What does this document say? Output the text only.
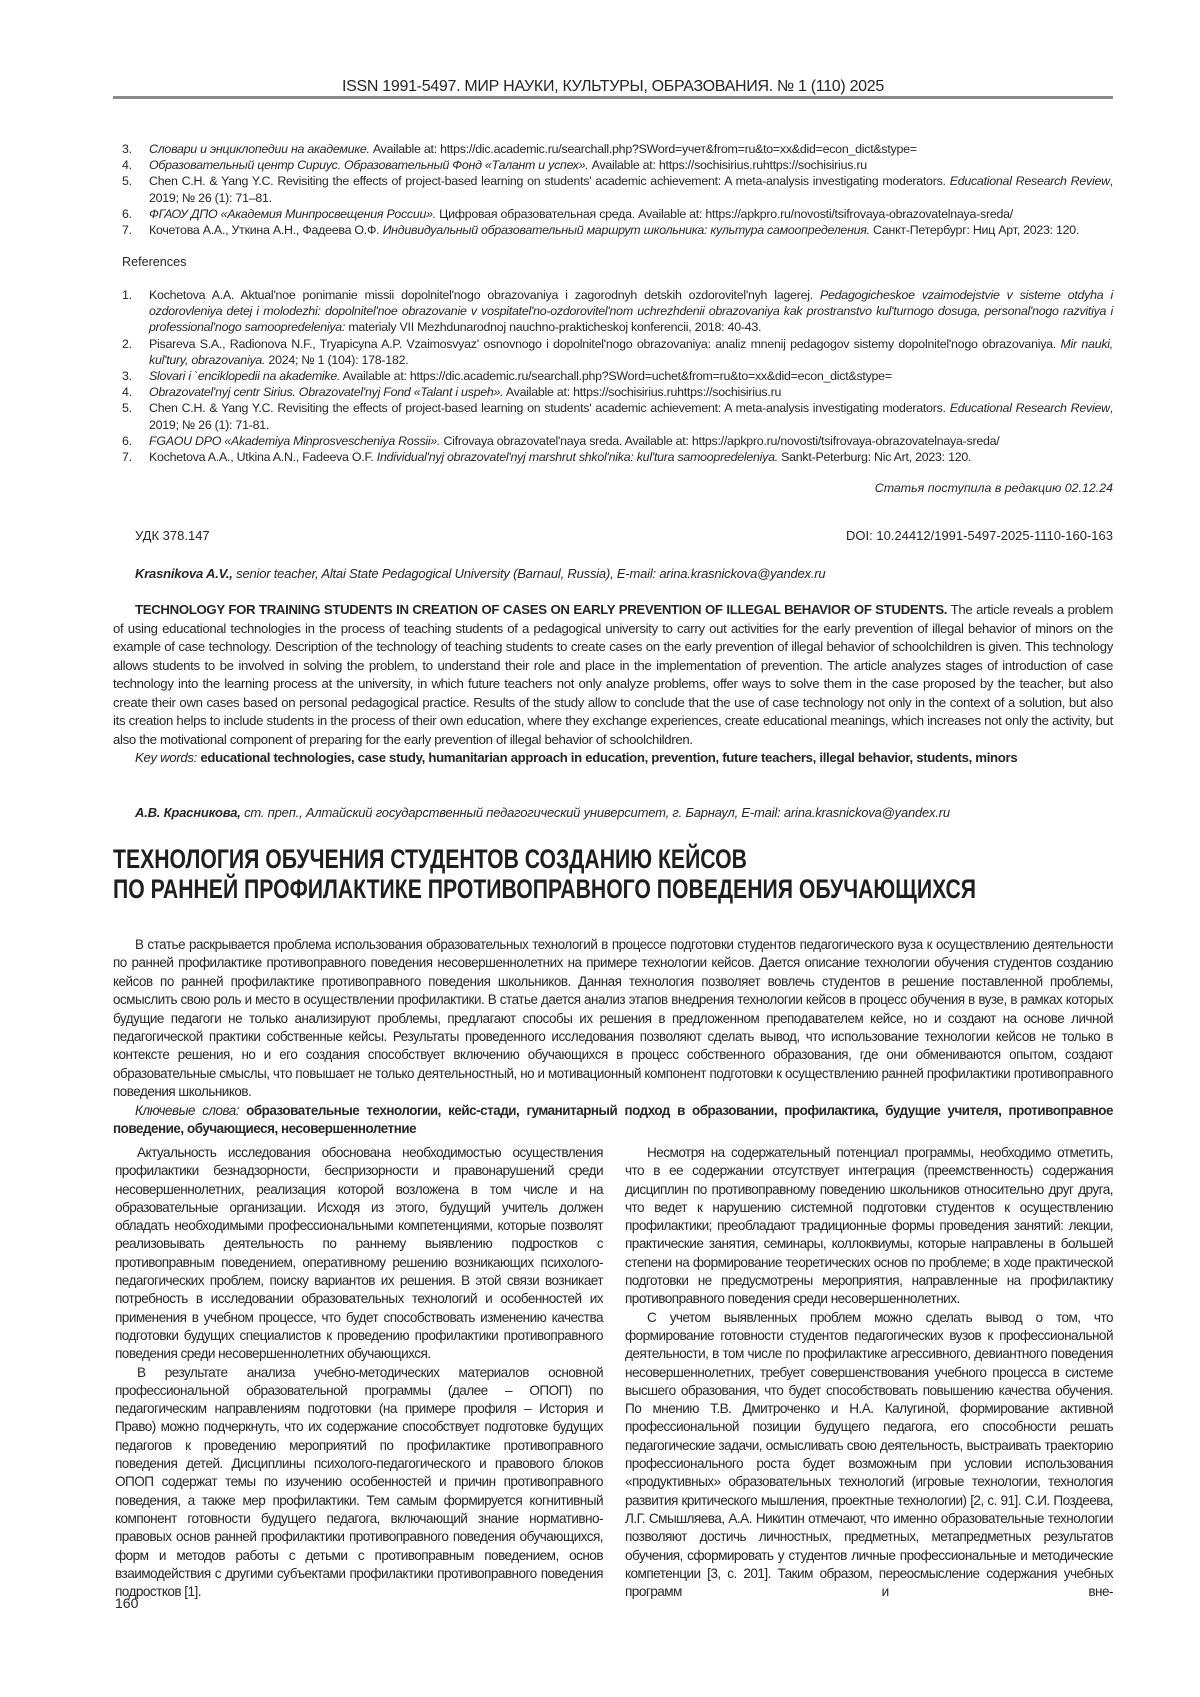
ISSN 1991-5497. МИР НАУКИ, КУЛЬТУРЫ, ОБРАЗОВАНИЯ. № 1 (110) 2025
3.	Словари и энциклопедии на академике. Available at: https://dic.academic.ru/searchall.php?SWord=учет&from=ru&to=xx&did=econ_dict&stype=
4.	Образовательный центр Сириус. Образовательный Фонд «Талант и успех». Available at: https://sochisirius.ruhttps://sochisirius.ru
5.	Chen C.H. & Yang Y.C. Revisiting the effects of project-based learning on students' academic achievement: A meta-analysis investigating moderators. Educational Research Review, 2019; № 26 (1): 71–81.
6.	ФГАОУ ДПО «Академия Минпросвещения России». Цифровая образовательная среда. Available at: https://apkpro.ru/novosti/tsifrovaya-obrazovatelnaya-sreda/
7.	Кочетова А.А., Уткина А.Н., Фадеева О.Ф. Индивидуальный образовательный маршрут школьника: культура самоопределения. Санкт-Петербург: Ниц Арт, 2023: 120.
References
1.	Kochetova A.A. Aktual'noe ponimanie missii dopolnitel'nogo obrazovaniya i zagorodnyh detskih ozdorovitel'nyh lagerej. Pedagogicheskoe vzaimodejstvie v sisteme otdyha i ozdorovleniya detej i molodezhi: dopolnitel'noe obrazovanie v vospitatel'no-ozdorovitel'nom uchrezhdenii obrazovaniya kak prostranstvo kul'turnogo dosuga, personal'nogo razvitiya i professional'nogo samoopredeleniya: materialy VII Mezhdunarodnoj nauchno-prakticheskoj konferencii, 2018: 40-43.
2.	Pisareva S.A., Radionova N.F., Tryapicyna A.P. Vzaimosvyaz' osnovnogo i dopolnitel'nogo obrazovaniya: analiz mnenij pedagogov sistemy dopolnitel'nogo obrazovaniya. Mir nauki, kul'tury, obrazovaniya. 2024; № 1 (104): 178-182.
3.	Slovari i `enciklopedii na akademike. Available at: https://dic.academic.ru/searchall.php?SWord=uchet&from=ru&to=xx&did=econ_dict&stype=
4.	Obrazovatel'nyj centr Sirius. Obrazovatel'nyj Fond «Talant i uspeh». Available at: https://sochisirius.ruhttps://sochisirius.ru
5.	Chen C.H. & Yang Y.C. Revisiting the effects of project-based learning on students' academic achievement: A meta-analysis investigating moderators. Educational Research Review, 2019; № 26 (1): 71-81.
6.	FGAOU DPO «Akademiya Minprosvescheniya Rossii». Cifrovaya obrazovatel'naya sreda. Available at: https://apkpro.ru/novosti/tsifrovaya-obrazovatelnaya-sreda/
7.	Kochetova A.A., Utkina A.N., Fadeeva O.F. Individual'nyj obrazovatel'nyj marshrut shkol'nika: kul'tura samoopredeleniya. Sankt-Peterburg: Nic Art, 2023: 120.
Статья поступила в редакцию 02.12.24
УДК 378.147	DOI: 10.24412/1991-5497-2025-1110-160-163
Krasnikova A.V., senior teacher, Altai State Pedagogical University (Barnaul, Russia), E-mail: arina.krasnickova@yandex.ru

TECHNOLOGY FOR TRAINING STUDENTS IN CREATION OF CASES ON EARLY PREVENTION OF ILLEGAL BEHAVIOR OF STUDENTS. The article reveals a problem of using educational technologies in the process of teaching students of a pedagogical university to carry out activities for the early prevention of illegal behavior of minors on the example of case technology. Description of the technology of teaching students to create cases on the early prevention of illegal behavior of schoolchildren is given. This technology allows students to be involved in solving the problem, to understand their role and place in the implementation of prevention. The article analyzes stages of introduction of case technology into the learning process at the university, in which future teachers not only analyze problems, offer ways to solve them in the case proposed by the teacher, but also create their own cases based on personal pedagogical practice. Results of the study allow to conclude that the use of case technology not only in the context of a solution, but also its creation helps to include students in the process of their own education, where they exchange experiences, create educational meanings, which increases not only the activity, but also the motivational component of preparing for the early prevention of illegal behavior of schoolchildren.

Key words: educational technologies, case study, humanitarian approach in education, prevention, future teachers, illegal behavior, students, minors

А.В. Красникова, ст. преп., Алтайский государственный педагогический университет, г. Барнаул, E-mail: arina.krasnickova@yandex.ru
ТЕХНОЛОГИЯ ОБУЧЕНИЯ СТУДЕНТОВ СОЗДАНИЮ КЕЙСОВ
ПО РАННЕЙ ПРОФИЛАКТИКЕ ПРОТИВОПРАВНОГО ПОВЕДЕНИЯ ОБУЧАЮЩИХСЯ

В статье раскрывается проблема использования образовательных технологий в процессе подготовки студентов педагогического вуза к осуществлению деятельности по ранней профилактике противоправного поведения несовершеннолетних на примере технологии кейсов. Дается описание технологии обучения студентов созданию кейсов по ранней профилактике противоправного поведения школьников. Данная технология позволяет вовлечь студентов в решение поставленной проблемы, осмыслить свою роль и место в осуществлении профилактики. В статье дается анализ этапов внедрения технологии кейсов в процесс обучения в вузе, в рамках которых будущие педагоги не только анализируют проблемы, предлагают способы их решения в предложенном преподавателем кейсе, но и создают на основе личной педагогической практики собственные кейсы. Результаты проведенного исследования позволяют сделать вывод, что использование технологии кейсов не только в контексте решения, но и его создания способствует включению обучающихся в процесс собственного образования, где они обмениваются опытом, создают образовательные смыслы, что повышает не только деятельностный, но и мотивационный компонент подготовки к осуществлению ранней профилактики противоправного поведения школьников.

Ключевые слова: образовательные технологии, кейс-стади, гуманитарный подход в образовании, профилактика, будущие учителя, противоправное поведение, обучающиеся, несовершеннолетние

Актуальность исследования обоснована необходимостью осуществления профилактики безнадзорности, беспризорности и правонарушений среди несовершеннолетних, реализация которой возложена в том числе и на образовательные организации. Исходя из этого, будущий учитель должен обладать необходимыми профессиональными компетенциями, которые позволят реализовывать деятельность по раннему выявлению подростков с противоправным поведением, оперативному решению возникающих психолого-педагогических проблем, поиску вариантов их решения. В этой связи возникает потребность в исследовании образовательных технологий и особенностей их применения в учебном процессе, что будет способствовать изменению качества подготовки будущих специалистов к проведению профилактики противоправного поведения среди несовершеннолетних обучающихся.

В результате анализа учебно-методических материалов основной профессиональной образовательной программы (далее – ОПОП) по педагогическим направлениям подготовки (на примере профиля – История и Право) можно подчеркнуть, что их содержание способствует подготовке будущих педагогов к проведению мероприятий по профилактике противоправного поведения детей. Дисциплины психолого-педагогического и правового блоков ОПОП содержат темы по изучению особенностей и причин противоправного поведения, а также мер профилактики. Тем самым формируется когнитивный компонент готовности будущего педагога, включающий знание нормативно-правовых основ ранней профилактики противоправного поведения обучающихся, форм и методов работы с детьми с противоправным поведением, основ взаимодействия с другими субъектами профилактики противоправного поведения подростков [1].

Несмотря на содержательный потенциал программы, необходимо отметить, что в ее содержании отсутствует интеграция (преемственность) содержания дисциплин по противоправному поведению школьников относительно друг друга, что ведет к нарушению системной подготовки студентов к осуществлению профилактики; преобладают традиционные формы проведения занятий: лекции, практические занятия, семинары, коллоквиумы, которые направлены в большей степени на формирование теоретических основ по проблеме; в ходе практической подготовки не предусмотрены мероприятия, направленные на профилактику противоправного поведения среди несовершеннолетних.

С учетом выявленных проблем можно сделать вывод о том, что формирование готовности студентов педагогических вузов к профессиональной деятельности, в том числе по профилактике агрессивного, девиантного поведения несовершеннолетних, требует совершенствования учебного процесса в системе высшего образования, что будет способствовать повышению качества обучения. По мнению Т.В. Дмитроченко и Н.А. Калугиной, формирование активной профессиональной позиции будущего педагога, его способности решать педагогические задачи, осмысливать свою деятельность, выстраивать траекторию профессионального роста будет возможным при условии использования «продуктивных» образовательных технологий (игровые технологии, технология развития критического мышления, проектные технологии) [2, с. 91]. С.И. Поздеева, Л.Г. Смышляева, А.А. Никитин отмечают, что именно образовательные технологии позволяют достичь личностных, предметных, метапредметных результатов обучения, сформировать у студентов личные профессиональные и методические компетенции [3, с. 201]. Таким образом, переосмысление содержания учебных программ и вне-

160
